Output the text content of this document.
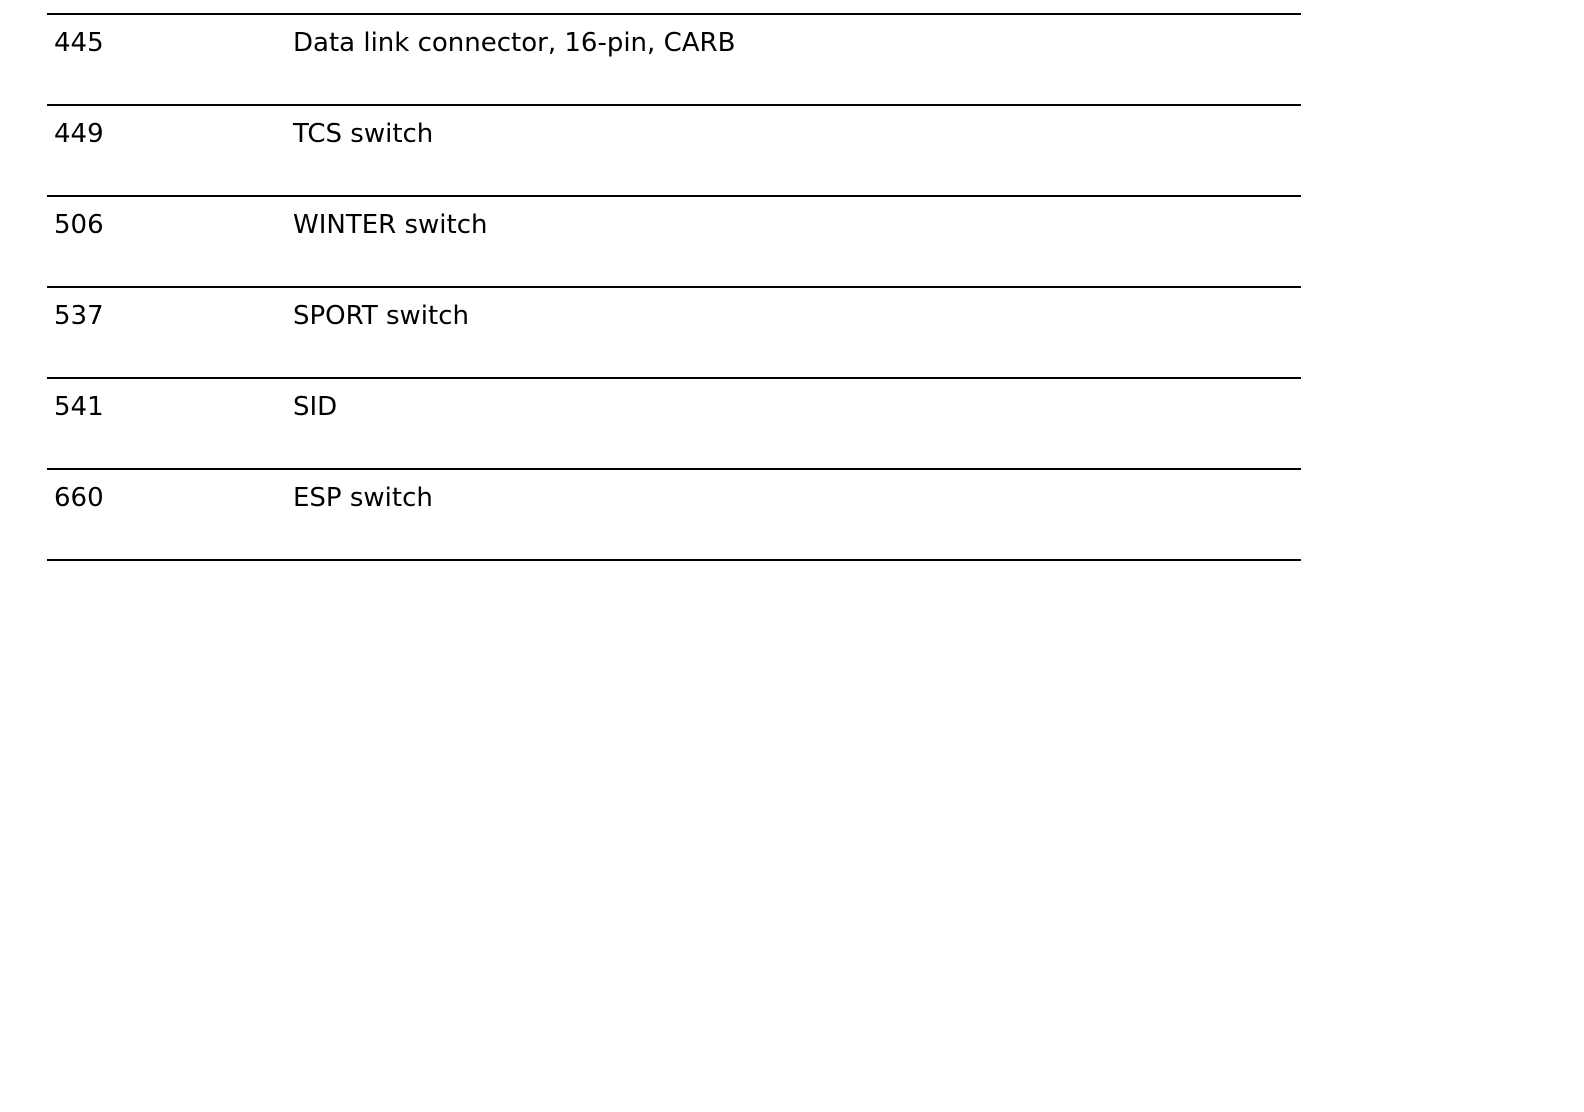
445	Data link connector, 16-pin, CARB
449	TCS switch
506	WINTER switch
537	SPORT switch
541	SID
660	ESP switch
